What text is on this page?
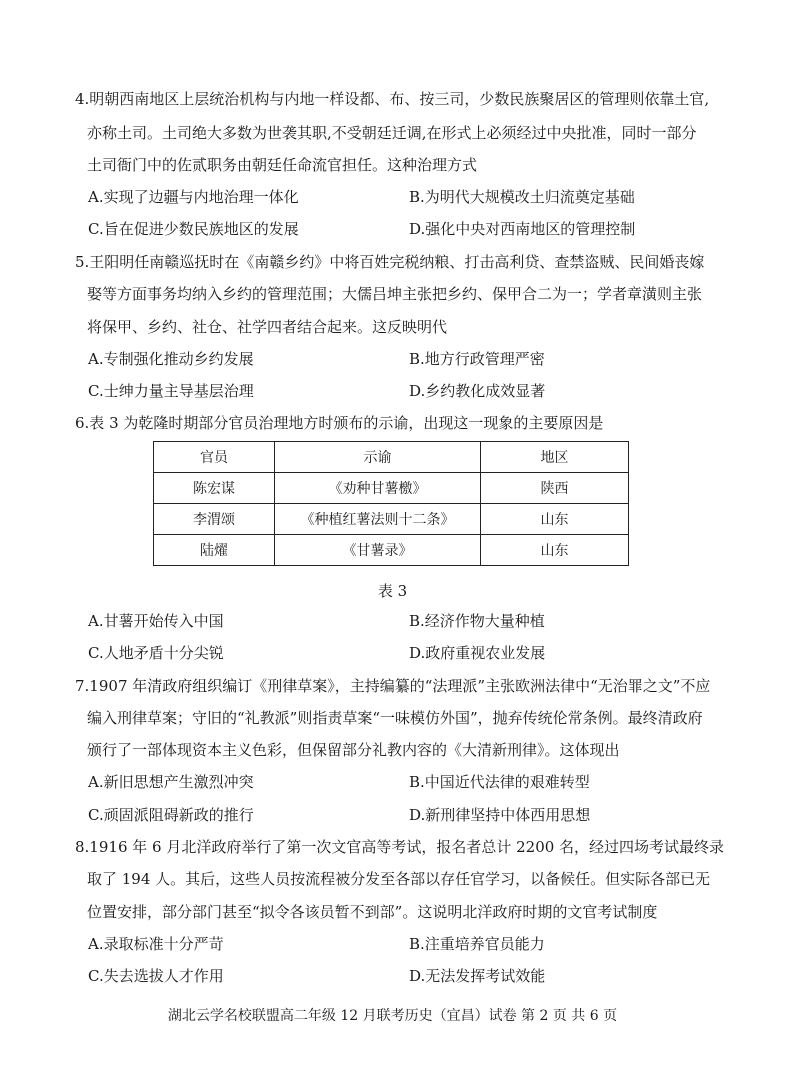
4.明朝西南地区上层统治机构与内地一样设都、布、按三司，少数民族聚居区的管理则依靠土官,
亦称土司。土司绝大多数为世袭其职,不受朝廷迁调,在形式上必须经过中央批准，同时一部分
土司衙门中的佐贰职务由朝廷任命流官担任。这种治理方式
A.实现了边疆与内地治理一体化	B.为明代大规模改土归流奠定基础
C.旨在促进少数民族地区的发展	D.强化中央对西南地区的管理控制
5.王阳明任南赣巡抚时在《南赣乡约》中将百姓完税纳粮、打击高利贷、查禁盗贼、民间婚丧嫁
娶等方面事务均纳入乡约的管理范围；大儒吕坤主张把乡约、保甲合二为一；学者章潢则主张
将保甲、乡约、社仓、社学四者结合起来。这反映明代
A.专制强化推动乡约发展	B.地方行政管理严密
C.士绅力量主导基层治理	D.乡约教化成效显著
6.表 3 为乾隆时期部分官员治理地方时颁布的示谕，出现这一现象的主要原因是
官员	示谕	地区
陈宏谋	《劝种甘薯檄》	陕西
李渭颂	《种植红薯法则十二条》	山东
陆燿	《甘薯录》	山东
表 3
A.甘薯开始传入中国	B.经济作物大量种植
C.人地矛盾十分尖锐	D.政府重视农业发展
7.1907 年清政府组织编订《刑律草案》，主持编纂的“法理派”主张欧洲法律中“无治罪之文”不应
编入刑律草案；守旧的“礼教派”则指责草案“一味模仿外国”，抛弃传统伦常条例。最终清政府
颁行了一部体现资本主义色彩，但保留部分礼教内容的《大清新刑律》。这体现出
A.新旧思想产生激烈冲突	B.中国近代法律的艰难转型
C.顽固派阻碍新政的推行	D.新刑律坚持中体西用思想
8.1916 年 6 月北洋政府举行了第一次文官高等考试，报名者总计 2200 名，经过四场考试最终录
取了 194 人。其后，这些人员按流程被分发至各部以存任官学习，以备候任。但实际各部已无
位置安排，部分部门甚至“拟令各该员暂不到部”。这说明北洋政府时期的文官考试制度
A.录取标准十分严苛	B.注重培养官员能力
C.失去选拔人才作用	D.无法发挥考试效能
湖北云学名校联盟高二年级 12 月联考历史（宜昌）试卷 第 2 页 共 6 页
